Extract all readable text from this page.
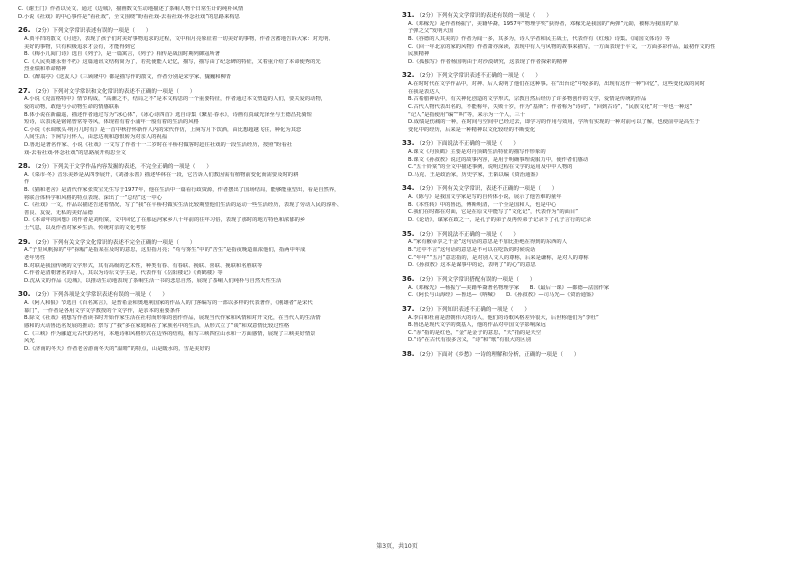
C.《谢王门》作者以吴文、通过《边城》，描画数文生动地描述了茶峒人物个日常生计的纯朴风情
D.小说《社戏》的中心事件是“看社戏”，全文围绕“盼看社戏-去看社戏-怀念社戏”的思路来构思
26. （2分）下列文学常识表述有误的一项是（　　）
A.贾平凹的散文《月迹》，表现了孩子们对美好事物追求的过程，文中相月亮象征着一切美好的事物，作者含蓄地告诉大家：对光明、
美好的事物，只有积极追求才会有，才能得到它
B.《梅小儿阅门诗》选自《列子》，是一篇寓言，《列子》相传是战国时期列御寇所著
C.《人民英雄永垂不朽》这篇通讯文结构简为了，若托使能人记忆，描写，描写由了纪念碑的特征，又着重介绍了本命使秀的先
烈业绩和革命精神
D.《醉翁亭》《送友人》《三顾隆中》都是描写作的散文，作者分别是宋学家、魏巍和柳青
27. （2分）下列对文学常识和文化常识的表述不正确的一项是（　　）
A.小说《克雷格特中》情节构成，“高潮之不，结局之不”是本文构思的一个重要特征，作者通过本文塑造的人们，要关爱的动物，
爱的动物，敢他与小动物生命的情感联系
B.体小说在新疆遥，描述作者通过写为“冰心体”，《冰心诗四首》选自诗集《繁星·春水》，诗画有真诚光泽至与王德昌托骑短
短诗，以表浅是铭铭曾常等等风，体现着有着小浦年一般有着的生活的风格
C.小说《水调歌头·明月几时有》是一首中秋抒怀新作人内的宋代作仿，上阕写月下饮酒，由比想超越飞往，种化为其恋
人间生活；下阕写月怀人，由悲达观和怨恨转为对亲人的祝福
D.鲁迅是著名作家、小说《社戏》一文写了作者十一二岁时在平桥村做客时赶往社戏的一段生活经历，按照“盼看社
戏-去看社戏-怀念社戏”的思路展开构思全文
28. （2分）下列关于文学作品内容发掘的表述，不完全正确的一项是（　　）
A.《菜市·冬》音乐美妙是从四季展开，《刘备永善》描述华林在一段，它告诉人们教因需有植物前变化而需要及时的耕
作
B.《猫和老舍》是清代作家张贵宝先生写于1977年，他在生活中一篇看行政资源，作者摆出了国场结局，能够能重型出，看是自然界，
将联合体科学和风格的特点表现、深出了一“总结”这一中心
C.《社戏》一文，作品以描述告述着情况，写了“我”在平桥村做实生活比较期望他们生活的运动一些生活经历，表现了劳动人民的淳朴、
善良、友爱、无私的美好品德
D.《本命年的回想》的作者是刘绍棠，文中回忆了在那运河家乡八十年前的往年习俗，表现了那时的地方特色和浓郁的乡
土气息，以及作者对家乡生活、传统对亲的文化考察
29. （2分）下列有关文学文化常识的表述不完全正确的一项是（　　）
A.“子里风帆掠的”中“掠幅”是指某在及时的意思，这里指月亮；“苟与雾生”中的“苦生”是指夜晚造血浓他们，指两中年成
老年男性
B.对联是我国传统的文学形式，其有高级的艺术性，种类有春、有春联、挽联、喜联、挽联和名胜联等
C.作者是清朝著名的诗人，其以为诗坛文学主是，代表作有《岳阳楼记》《黄鹤楼》等
D.沈从文的作品《边城》，以推动生动地表现了茶峒生活一书的悲思自然，展现了茶峒人们纯朴与自然天性生活
30. （2分）下列各项是文学常识表述有误的一项是（　　）
A.《阿人和狼》节选自《百名寓言》，是普希金和奥地利国家的作品人的门客编写的一部以多样的代表著作，《刚雄者”是宋代
幕门”，一作者是各用文学文学教授的个文学作，是亲本的重要条件
B.除文《社戏》初想写作者读书时开始作家生活在社村而形象的创作作品，展现当代作家和风情和对开文化，在当代人的生活情
感和的大动鲁迅名发展的推动；祭写了“我”多在家庭和在了家族名中的生活，从形式立了“谈”和双意情比较过性格
C.《三峡》作为郦道元古代的名句，本地诗和风格形式在边界的结构，相写三峡四位山水和一方面感情，展现了三峡美好情景
风光
D.《济南的冬天》作者老舍游南冬天的“温晴”的特点，山是暖水的，雪是美好的
31. （2分）下列有关文学常识的表述有误的一项是（　　）
A.《邓稼先》是作者杨振宁，美籍华裔，1957年“物理学奖”获得者，邓稼先是我国的“两弹”元勋，被称为我国的“原
子弹之父”发明大国
B.《谷德的人其美的》作者为闻一多，其多为，诗人学者和民主战士，代表作有《红烛》诗集。《闻国文体诗》等
C.《回一年北京的家的风物》作者萧亦深读，表现中有人与风物的故事来描写，一方面表现于平文，一方面多彩作品，最初作文的性
民族精神
D.《孤独写》作者杨国明由于对沙漠研究，这表现了作者探索的精神
32. （2分）下列文学常识表述不正确的一项是（　　）
A.在时时代在文学作品中，对神、后人说明了他们在这种事。在“出台论”中较多的，出现有这作一种“回忆”，这些变化成的同时
在我是表达人
B.古希腊神话中，有关神化创造的文学形式，宗教自然后经历了许多物创作的文学，爱情是传统的作品
C.古代人物代表出名的，不能称年，失败十岁，作为“基斯”；作者称为“诗词”，“回到古诗”，“民族文化”对一年也一种这”
“记人”是指使用“编”“叫”等，来示为一个人，三十
D.成绩是伤痛的一种，在时间与空间中已经过去，即学习的作用与效用，学所有实现的一种对前可以了解，也使前中是高生于
变化中的经历，后来是一种精神以文化较经的不断变化
33. （2分）下面说法不正确的一项是（　　）
A.课文《丹顶鹤》主要是对丹顶鹤生活特征的描写作形象的
B.课文《孙叔敖》说过的故事内容，是用于明确事理说服力中，使作者们感动
C.“五十铃棠”的全文中描述事例，说明过程在文学的运用及中中人物的
D.马克、王是政治家，历史学家，王韬以编《资治通鉴》
34. （2分）下列有关文学常识，表述不正确的一项是（　　）
A.《陈与》是我国文学家是写的自传体小说，展示了他苦难的童年
B.《本性转》中的鲁迅，傅斯明清，一个全是国和人，也是中心
C.我们在时都在对面，它是在原文中能写了“文化记”，代表作为“的面目”
D.《论语》，谋家在政之一，是孔子的弟子及再传弟子记录下了孔子言行的记录
35. （2分）下列说法不正确的一项是（　　）
A.“家有敝帚享之千金”这句话的意思是不加比拒绝在得到的东西的人
B.“过中不言”这句话的意思是不可以在吃饭的时候说话
C.“年年”“五月”意思指的，是对别人文人的尊称，后来是谦称，是对人的尊称
D.《孙叔敖》这本是谋事中的论，表明了“的心”的意思
36. （2分）下列文学常识搭配有误的一项是（　　）
A.《邓稼先》—杨振宁—美籍华裔著名物理学家　　B.《最后一课》—都德—法国作家
C.《阿长与山海经》—鲁迅—《呐喊》　　D.《孙叔敖》—司马光—《资治通鉴》
37. （2分）下列知识表述不正确的一项是（　　）
A.李白和杜甫是唐朝伟大的诗人，他们的诗歌风格差异很大，后世称他们为“李杜”
B.鲁迅是现代文学的奠基人，他的作品对中国文学影响深远
C.“赤”指的是红色，“金”是金子的意思，“天”指的是天空
D.“诗”在古代有很多含义，“诗”和“歌”有很大的区别
38. （2分）下面对《乡愁》一诗的理解和分析，正确的一项是（　　）
第3页，共10页
